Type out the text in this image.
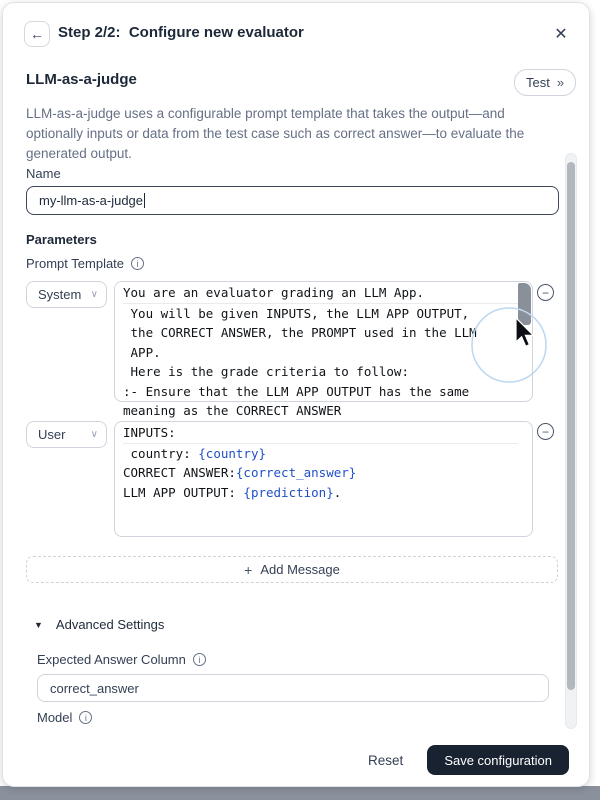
← Step 2/2:  Configure new evaluator	✕
LLM-as-a-judge	Test »
LLM-as-a-judge uses a configurable prompt template that takes the output—and optionally inputs or data from the test case such as correct answer—to evaluate the generated output.
Name
my-llm-as-a-judge
Parameters
Prompt Template	i
System ∨ You are an evaluator grading an LLM App.
You will be given INPUTS, the LLM APP OUTPUT,
the CORRECT ANSWER, the PROMPT used in the LLM
APP.
Here is the grade criteria to follow:
:- Ensure that the LLM APP OUTPUT has the same
meaning as the CORRECT ANSWER
−
User	∨ INPUTS:
country: {country}
CORRECT ANSWER:{correct_answer}
LLM APP OUTPUT: {prediction}.
−
+ Add Message
▼ Advanced Settings
Expected Answer Column	i
correct_answer
Model	i
Reset	Save configuration
